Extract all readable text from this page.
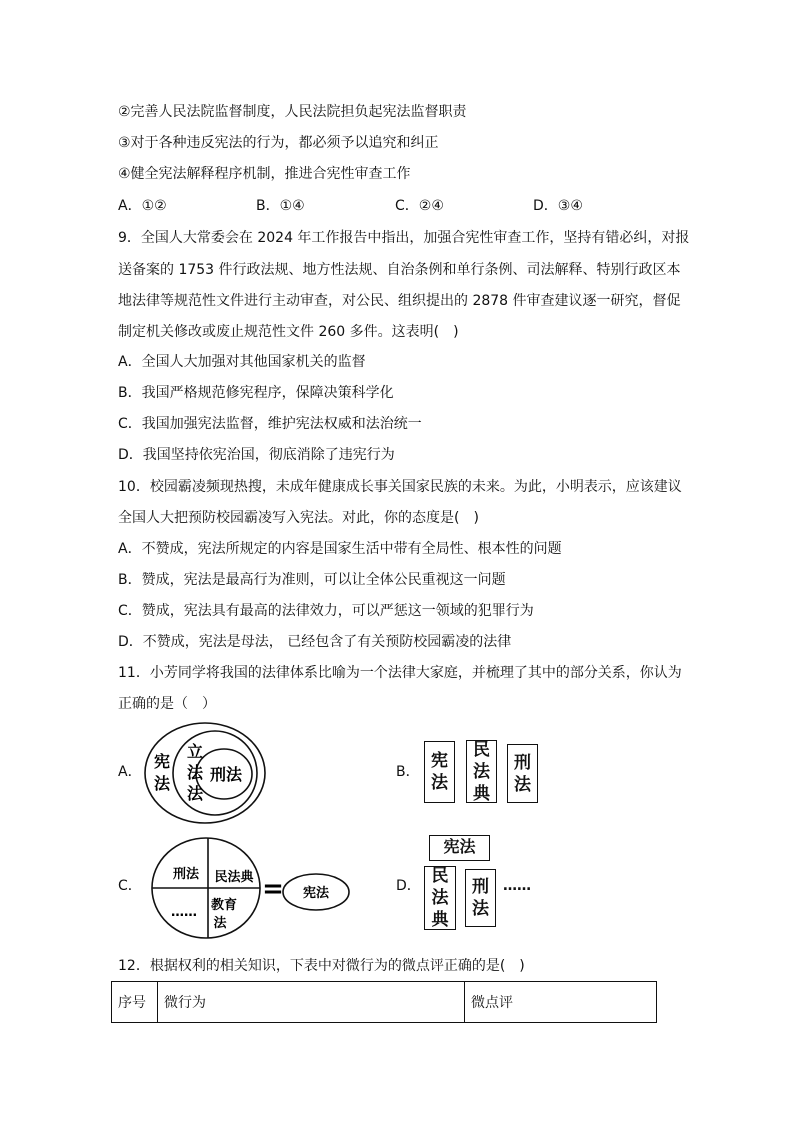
②完善人民法院监督制度，人民法院担负起宪法监督职责
③对于各种违反宪法的行为，都必须予以追究和纠正
④健全宪法解释程序机制，推进合宪性审查工作
A．①②	B．①④	C．②④	D．③④
9．全国人大常委会在 2024 年工作报告中指出，加强合宪性审查工作，坚持有错必纠，对报
送备案的 1753 件行政法规、地方性法规、自治条例和单行条例、司法解释、特别行政区本
地法律等规范性文件进行主动审查，对公民、组织提出的 2878 件审查建议逐一研究，督促
制定机关修改或废止规范性文件 260 多件。这表明(　)
A．全国人大加强对其他国家机关的监督
B．我国严格规范修宪程序，保障决策科学化
C．我国加强宪法监督，维护宪法权威和法治统一
D．我国坚持依宪治国，彻底消除了违宪行为
10．校园霸凌频现热搜，未成年健康成长事关国家民族的未来。为此，小明表示，应该建议
全国人大把预防校园霸凌写入宪法。对此，你的态度是(　)
A．不赞成，宪法所规定的内容是国家生活中带有全局性、根本性的问题
B．赞成，宪法是最高行为准则，可以让全体公民重视这一问题
C．赞成，宪法具有最高的法律效力，可以严惩这一领域的犯罪行为
D．不赞成，宪法是母法， 已经包含了有关预防校园霸凌的法律
11．小芳同学将我国的法律体系比喻为一个法律大家庭，并梳理了其中的部分关系，你认为
正确的是（　）
A．
宪
法
立
法
法
刑法	B．
宪
法
民
法
典
刑
法
C．
刑法 民法典
…… 教育
法
= 宪法	D．
宪法
民
法
典
刑
法
……
12．根据权利的相关知识，下表中对微行为的微点评正确的是(　)
序号	微行为	微点评
